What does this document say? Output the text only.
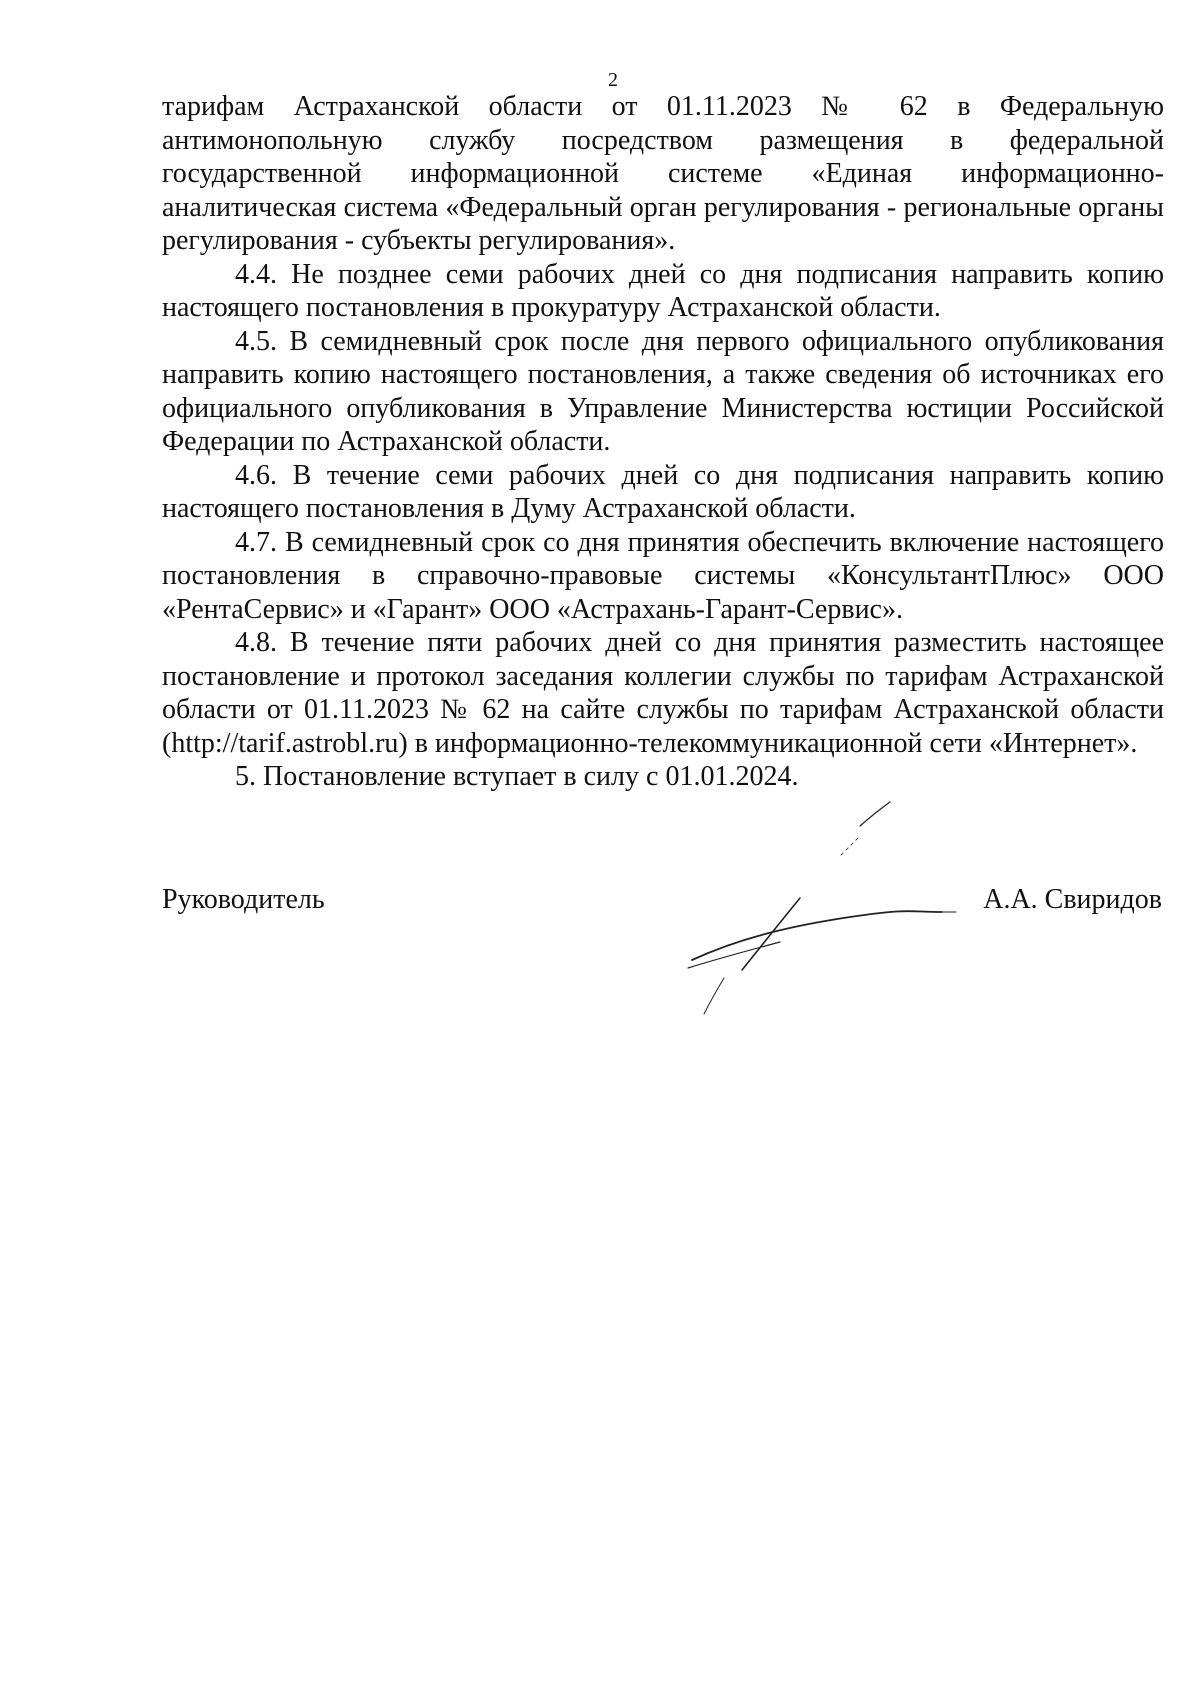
2

тарифам Астраханской области от 01.11.2023 № 62 в Федеральную антимонопольную службу посредством размещения в федеральной государственной информационной системе «Единая информационно-аналитическая система «Федеральный орган регулирования - региональные органы регулирования - субъекты регулирования».

4.4. Не позднее семи рабочих дней со дня подписания направить копию настоящего постановления в прокуратуру Астраханской области.

4.5. В семидневный срок после дня первого официального опубликования направить копию настоящего постановления, а также сведения об источниках его официального опубликования в Управление Министерства юстиции Российской Федерации по Астраханской области.

4.6. В течение семи рабочих дней со дня подписания направить копию настоящего постановления в Думу Астраханской области.

4.7. В семидневный срок со дня принятия обеспечить включение настоящего постановления в справочно-правовые системы «КонсультантПлюс» ООО «РентаСервис» и «Гарант» ООО «Астрахань-Гарант-Сервис».

4.8. В течение пяти рабочих дней со дня принятия разместить настоящее постановление и протокол заседания коллегии службы по тарифам Астраханской области от 01.11.2023 № 62 на сайте службы по тарифам Астраханской области (http://tarif.astrobl.ru) в информационно-телекоммуникационной сети «Интернет».

5. Постановление вступает в силу с 01.01.2024.

Руководитель	А.А. Свиридов
